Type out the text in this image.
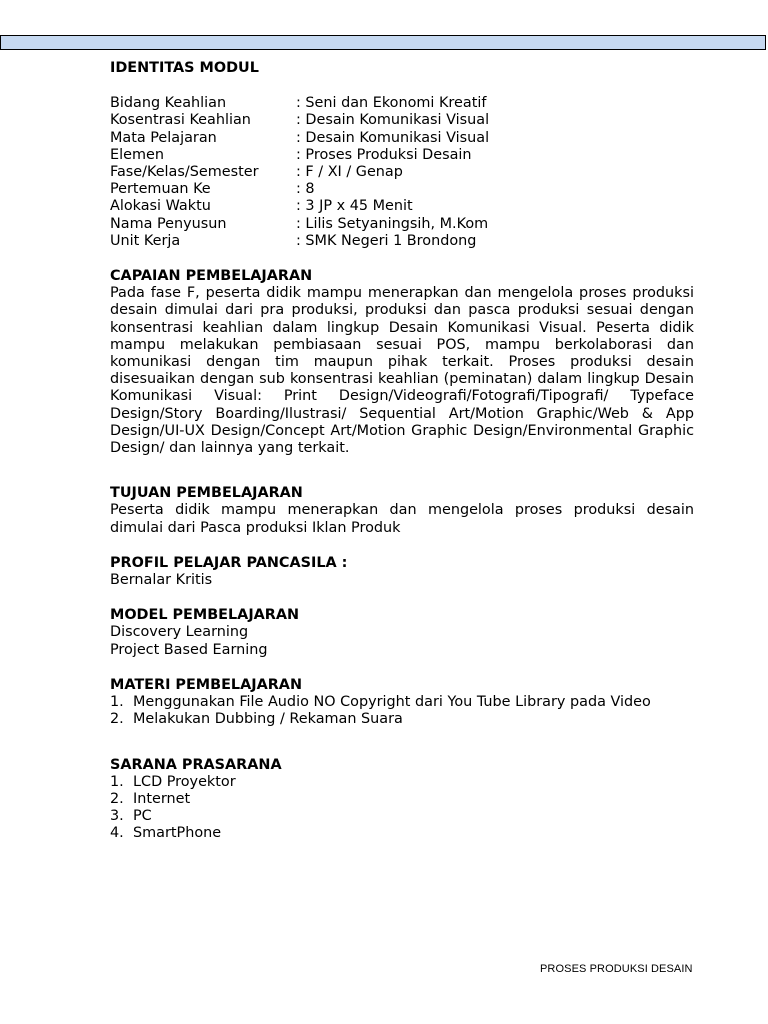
IDENTITAS MODUL

Bidang Keahlian	: Seni dan Ekonomi Kreatif
Kosentrasi Keahlian	: Desain Komunikasi Visual
Mata Pelajaran	: Desain Komunikasi Visual
Elemen	: Proses Produksi Desain
Fase/Kelas/Semester	: F / XI / Genap
Pertemuan Ke	: 8
Alokasi Waktu	: 3 JP x 45 Menit
Nama Penyusun	: Lilis Setyaningsih, M.Kom
Unit Kerja	: SMK Negeri 1 Brondong

CAPAIAN PEMBELAJARAN

Pada fase F, peserta didik mampu menerapkan dan mengelola proses produksi desain dimulai dari pra produksi, produksi dan pasca produksi sesuai dengan konsentrasi keahlian dalam lingkup Desain Komunikasi Visual. Peserta didik mampu melakukan pembiasaan sesuai POS, mampu berkolaborasi dan komunikasi dengan tim maupun pihak terkait. Proses produksi desain disesuaikan dengan sub konsentrasi keahlian (peminatan) dalam lingkup Desain Komunikasi Visual: Print Design/Videografi/Fotografi/Tipografi/ Typeface Design/Story Boarding/Ilustrasi/ Sequential Art/Motion Graphic/Web & App Design/UI-UX Design/Concept Art/Motion Graphic Design/Environmental Graphic Design/ dan lainnya yang terkait.

TUJUAN PEMBELAJARAN

Peserta didik mampu menerapkan dan mengelola proses produksi desain dimulai dari Pasca produksi Iklan Produk

PROFIL PELAJAR PANCASILA :

Bernalar Kritis

MODEL PEMBELAJARAN

Discovery Learning

Project Based Earning

MATERI PEMBELAJARAN

1. Menggunakan File Audio NO Copyright dari You Tube Library pada Video
2. Melakukan Dubbing / Rekaman Suara

SARANA PRASARANA

1. LCD Proyektor
2. Internet
3. PC
4. SmartPhone
PROSES PRODUKSI DESAIN
